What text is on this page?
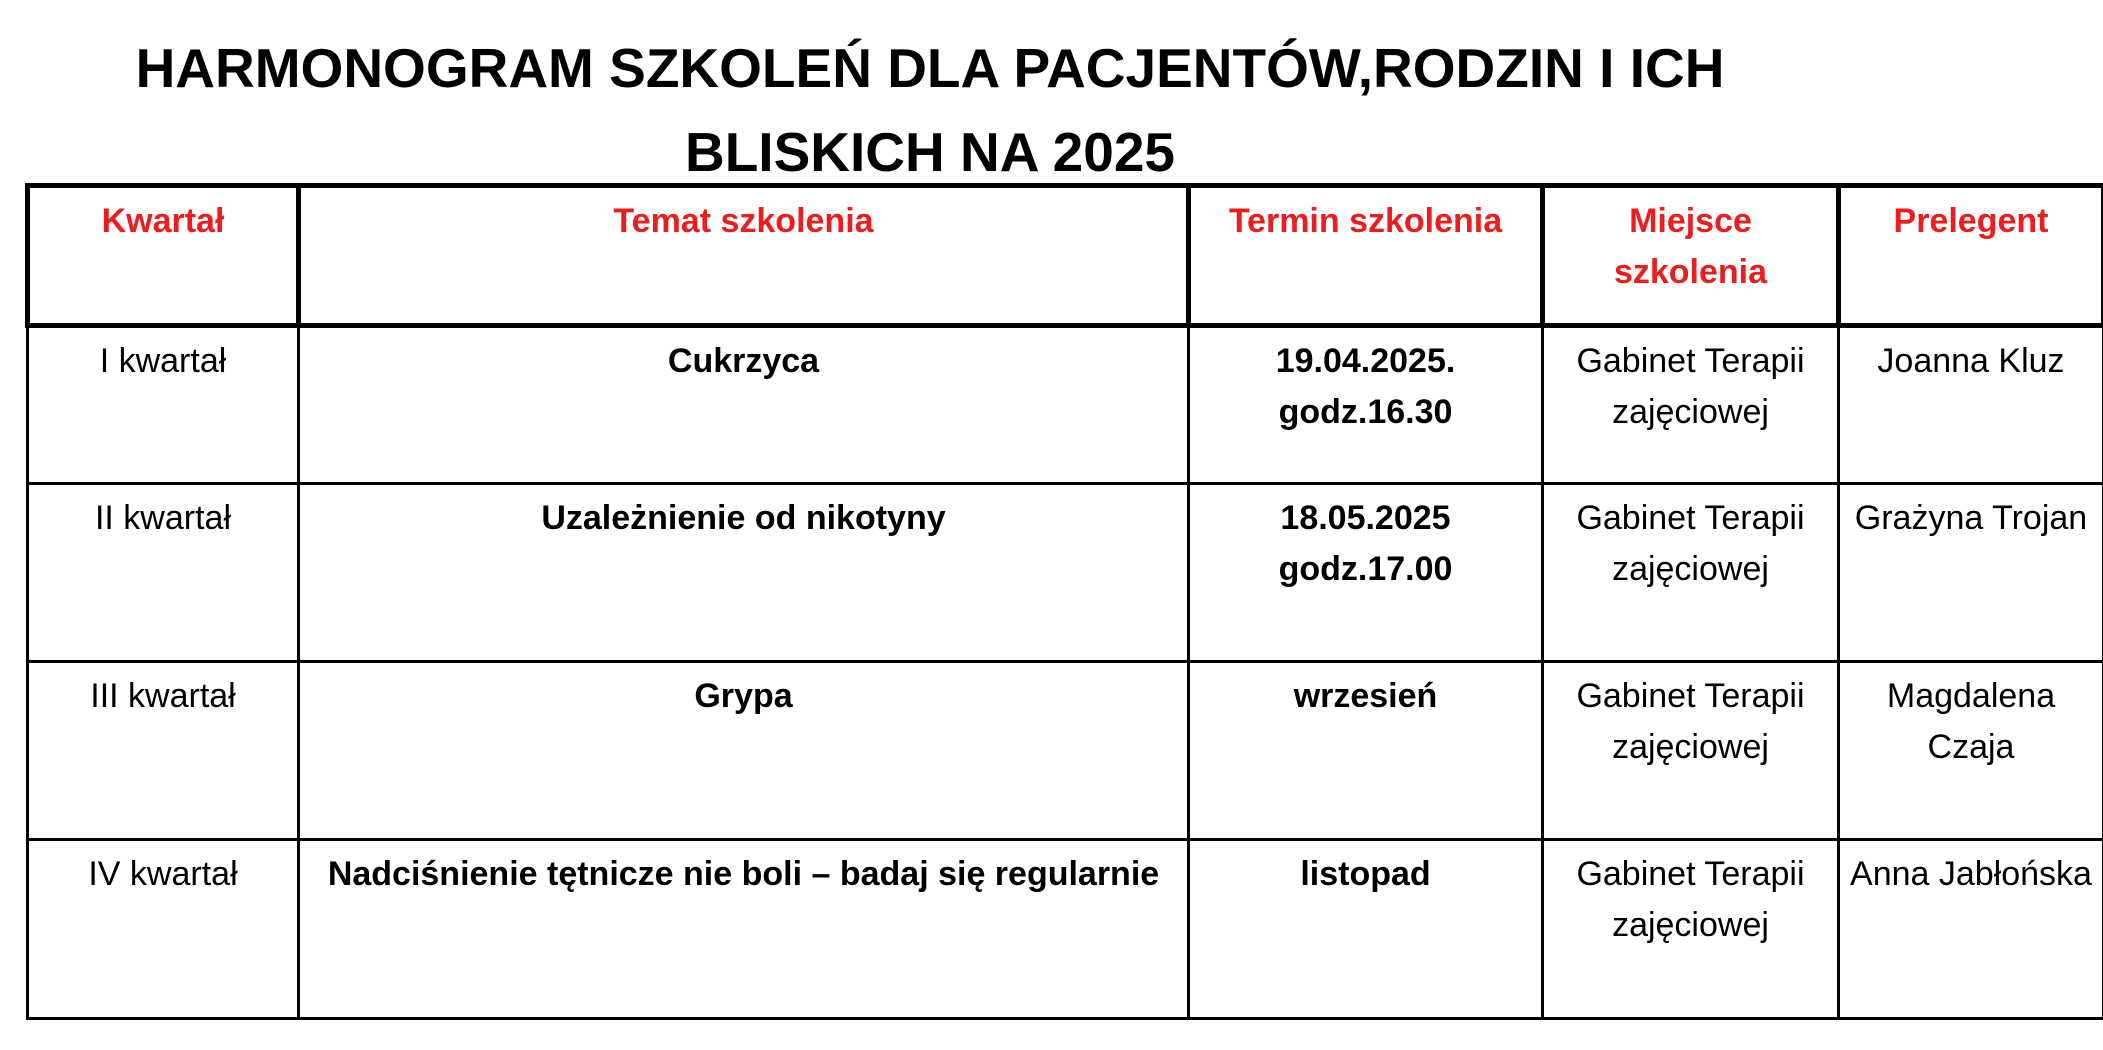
HARMONOGRAM SZKOLEŃ DLA PACJENTÓW,RODZIN I ICH
BLISKICH NA 2025
Kwartał	Temat szkolenia	Termin szkolenia	Miejsce szkolenia	Prelegent
I kwartał	Cukrzyca	19.04.2025. godz.16.30	Gabinet Terapii zajęciowej	Joanna Kluz
II kwartał	Uzależnienie od nikotyny	18.05.2025 godz.17.00	Gabinet Terapii zajęciowej	Grażyna Trojan
III kwartał	Grypa	wrzesień	Gabinet Terapii zajęciowej	Magdalena Czaja
IV kwartał	Nadciśnienie tętnicze nie boli – badaj się regularnie	listopad	Gabinet Terapii zajęciowej	Anna Jabłońska
